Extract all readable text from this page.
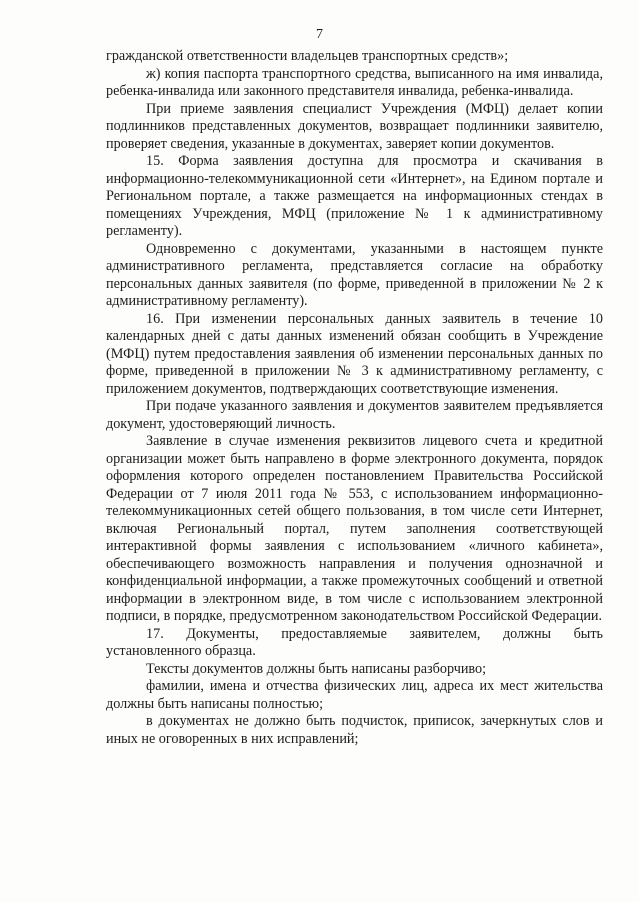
7

гражданской ответственности владельцев транспортных средств»;

ж) копия паспорта транспортного средства, выписанного на имя инвалида, ребенка-инвалида или законного представителя инвалида, ребенка-инвалида.

При приеме заявления специалист Учреждения (МФЦ) делает копии подлинников представленных документов, возвращает подлинники заявителю, проверяет сведения, указанные в документах, заверяет копии документов.

15. Форма заявления доступна для просмотра и скачивания в информационно-телекоммуникационной сети «Интернет», на Едином портале и Региональном портале, а также размещается на информационных стендах в помещениях Учреждения, МФЦ (приложение № 1 к административному регламенту).

Одновременно с документами, указанными в настоящем пункте административного регламента, представляется согласие на обработку персональных данных заявителя (по форме, приведенной в приложении № 2 к административному регламенту).

16. При изменении персональных данных заявитель в течение 10 календарных дней с даты данных изменений обязан сообщить в Учреждение (МФЦ) путем предоставления заявления об изменении персональных данных по форме, приведенной в приложении № 3 к административному регламенту, с приложением документов, подтверждающих соответствующие изменения.

При подаче указанного заявления и документов заявителем предъявляется документ, удостоверяющий личность.

Заявление в случае изменения реквизитов лицевого счета и кредитной организации может быть направлено в форме электронного документа, порядок оформления которого определен постановлением Правительства Российской Федерации от 7 июля 2011 года № 553, с использованием информационно-телекоммуникационных сетей общего пользования, в том числе сети Интернет, включая Региональный портал, путем заполнения соответствующей интерактивной формы заявления с использованием «личного кабинета», обеспечивающего возможность направления и получения однозначной и конфиденциальной информации, а также промежуточных сообщений и ответной информации в электронном виде, в том числе с использованием электронной подписи, в порядке, предусмотренном законодательством Российской Федерации.

17. Документы, предоставляемые заявителем, должны быть установленного образца.

Тексты документов должны быть написаны разборчиво;

фамилии, имена и отчества физических лиц, адреса их мест жительства должны быть написаны полностью;

в документах не должно быть подчисток, приписок, зачеркнутых слов и иных не оговоренных в них исправлений;
